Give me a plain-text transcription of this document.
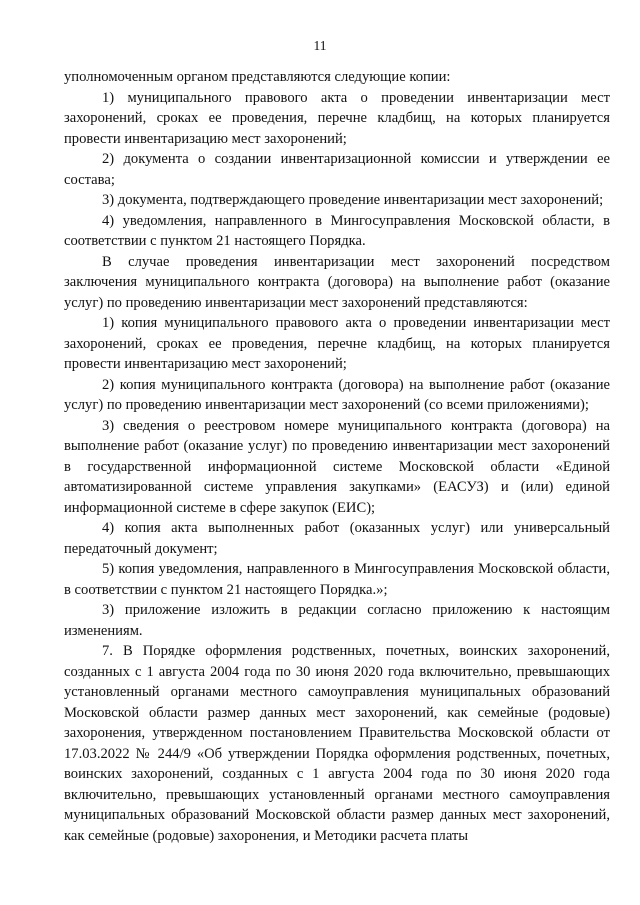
11

уполномоченным органом представляются следующие копии:

1) муниципального правового акта о проведении инвентаризации мест захоронений, сроках ее проведения, перечне кладбищ, на которых планируется провести инвентаризацию мест захоронений;

2) документа о создании инвентаризационной комиссии и утверждении ее состава;

3) документа, подтверждающего проведение инвентаризации мест захоронений;

4) уведомления, направленного в Мингосуправления Московской области, в соответствии с пунктом 21 настоящего Порядка.

В случае проведения инвентаризации мест захоронений посредством заключения муниципального контракта (договора) на выполнение работ (оказание услуг) по проведению инвентаризации мест захоронений представляются:

1) копия муниципального правового акта о проведении инвентаризации мест захоронений, сроках ее проведения, перечне кладбищ, на которых планируется провести инвентаризацию мест захоронений;

2) копия муниципального контракта (договора) на выполнение работ (оказание услуг) по проведению инвентаризации мест захоронений (со всеми приложениями);

3) сведения о реестровом номере муниципального контракта (договора) на выполнение работ (оказание услуг) по проведению инвентаризации мест захоронений в государственной информационной системе Московской области «Единой автоматизированной системе управления закупками» (ЕАСУЗ) и (или) единой информационной системе в сфере закупок (ЕИС);

4) копия акта выполненных работ (оказанных услуг) или универсальный передаточный документ;

5) копия уведомления, направленного в Мингосуправления Московской области, в соответствии с пунктом 21 настоящего Порядка.»;

3) приложение изложить в редакции согласно приложению к настоящим изменениям.

7. В Порядке оформления родственных, почетных, воинских захоронений, созданных с 1 августа 2004 года по 30 июня 2020 года включительно, превышающих установленный органами местного самоуправления муниципальных образований Московской области размер данных мест захоронений, как семейные (родовые) захоронения, утвержденном постановлением Правительства Московской области от 17.03.2022 № 244/9 «Об утверждении Порядка оформления родственных, почетных, воинских захоронений, созданных с 1 августа 2004 года по 30 июня 2020 года включительно, превышающих установленный органами местного самоуправления муниципальных образований Московской области размер данных мест захоронений, как семейные (родовые) захоронения, и Методики расчета платы
